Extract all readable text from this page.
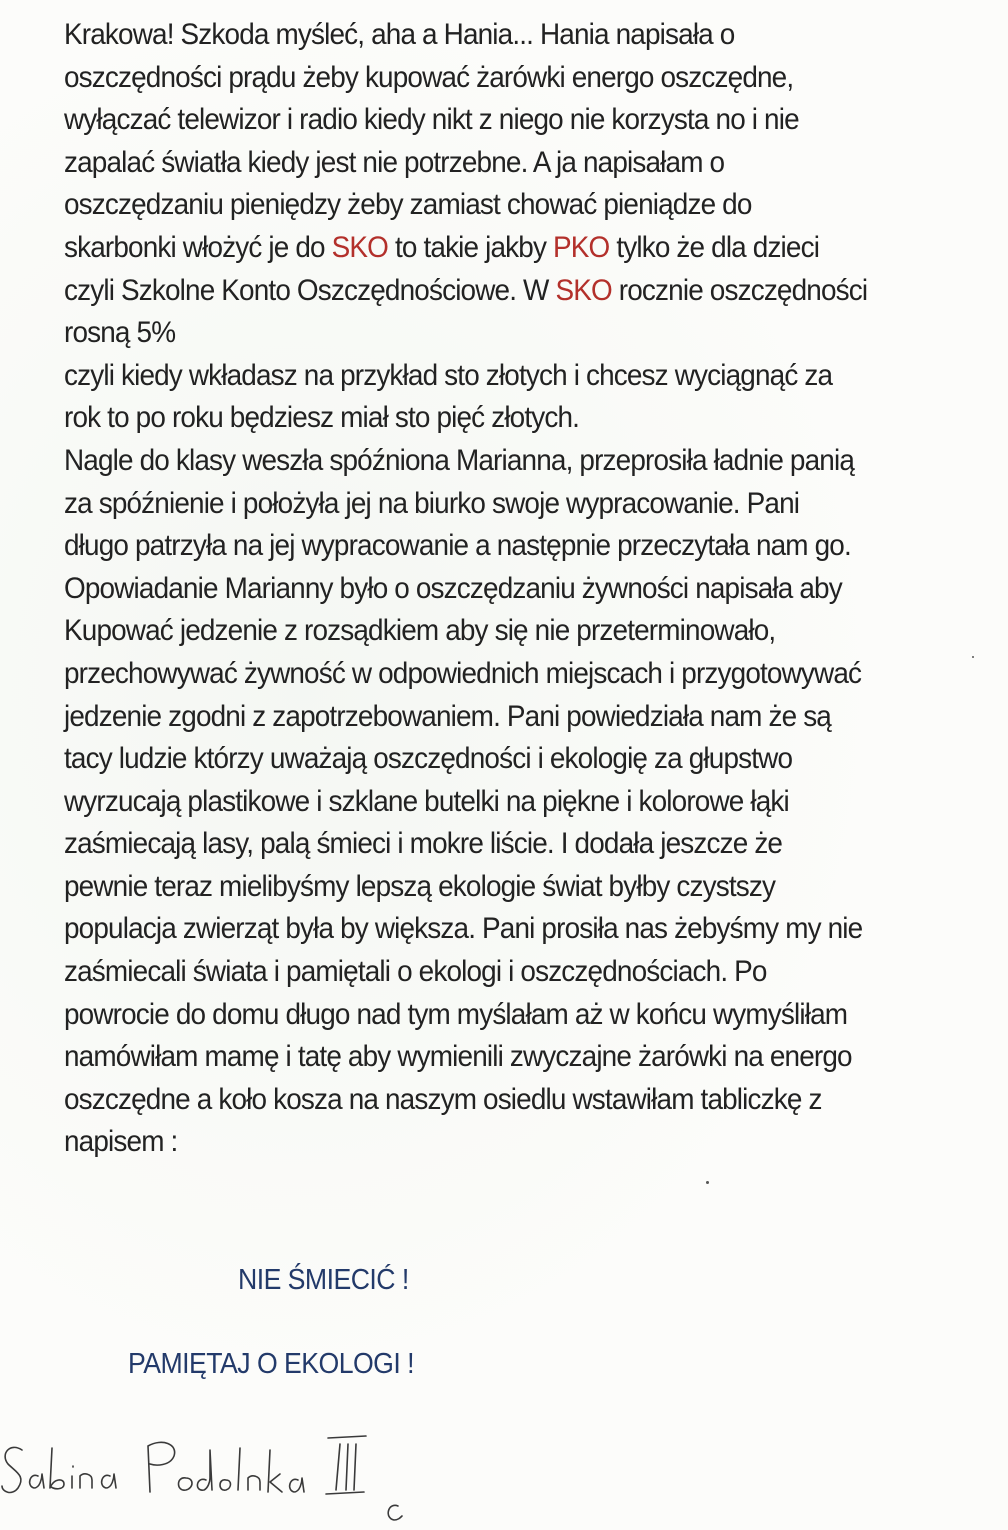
Krakowa! Szkoda myśleć, aha a Hania... Hania napisała o
oszczędności prądu żeby kupować żarówki energo oszczędne,
wyłączać telewizor i radio kiedy nikt z niego nie korzysta no i nie
zapalać światła kiedy jest nie potrzebne. A ja napisałam o
oszczędzaniu pieniędzy żeby zamiast chować pieniądze do
skarbonki włożyć je do SKO to takie jakby PKO tylko że dla dzieci
czyli Szkolne Konto Oszczędnościowe. W SKO rocznie oszczędności
rosną 5%
czyli kiedy wkładasz na przykład sto złotych i chcesz wyciągnąć za
rok to po roku będziesz miał sto pięć złotych.
Nagle do klasy weszła spóźniona Marianna, przeprosiła ładnie panią
za spóźnienie i położyła jej na biurko swoje wypracowanie. Pani
długo patrzyła na jej wypracowanie a następnie przeczytała nam go.
Opowiadanie Marianny było o oszczędzaniu żywności napisała aby
Kupować jedzenie z rozsądkiem aby się nie przeterminowało,
przechowywać żywność w odpowiednich miejscach i przygotowywać
jedzenie zgodni z zapotrzebowaniem. Pani powiedziała nam że są
tacy ludzie którzy uważają oszczędności i ekologię za głupstwo
wyrzucają plastikowe i szklane butelki na piękne i kolorowe łąki
zaśmiecają lasy, palą śmieci i mokre liście. I dodała jeszcze że
pewnie teraz mielibyśmy lepszą ekologie świat byłby czystszy
populacja zwierząt była by większa. Pani prosiła nas żebyśmy my nie
zaśmiecali świata i pamiętali o ekologi i oszczędnościach. Po
powrocie do domu długo nad tym myślałam aż w końcu wymyśliłam
namówiłam mamę i tatę aby wymienili zwyczajne żarówki na energo
oszczędne a koło kosza na naszym osiedlu wstawiłam tabliczkę z
napisem :
NIE ŚMIECIĆ !
PAMIĘTAJ O EKOLOGI !
